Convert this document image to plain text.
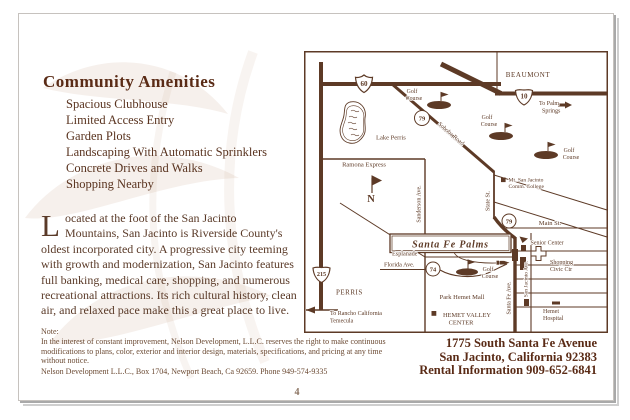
Community Amenities
Spacious Clubhouse
Limited Access Entry
Garden Plots
Landscaping With Automatic Sprinklers
Concrete Drives and Walks
Shopping Nearby
L ocated at the foot of the San Jacinto
Mountains, San Jacinto is Riverside County's
oldest incorporated city. A progressive city teeming
with growth and modernization, San Jacinto features
full banking, medical care, shopping, and numerous
recreational attractions. Its rich cultural history, clean
air, and relaxed pace make this a great place to live.
Note:
In the interest of constant improvement, Nelson Development, L.L.C. reserves the right to make continuous modifications to plans, color, exterior and interior design, materials, specifications, and pricing at any time without notice.
Nelson Development L.L.C., Box 1704, Newport Beach, Ca 92659. Phone 949-574-9335
1775 South Santa Fe Avenue
San Jacinto, California 92383
Rental Information 909-652-6841
4
60
10
215
79
79
74
N
Santa Fe Palms
BEAUMONT
To Palm
Springs
Golf
Course
Golf
Course
Golf
Course
Golf
Course
Lake Perris
Ramona Express
Soboba Road
Sanderson Ave.	State St.
Mt. San Jacinto
Comm. College
Main St.
Senior Center
Shopping
Civic Ctr
Santa Fe Ave.
San Jacinto Ave.
Esplanade
Florida Ave.
Park Hemet Mall
HEMET VALLEY
CENTER
Hemet
Hospital
PERRIS
To Rancho California
Temecula
